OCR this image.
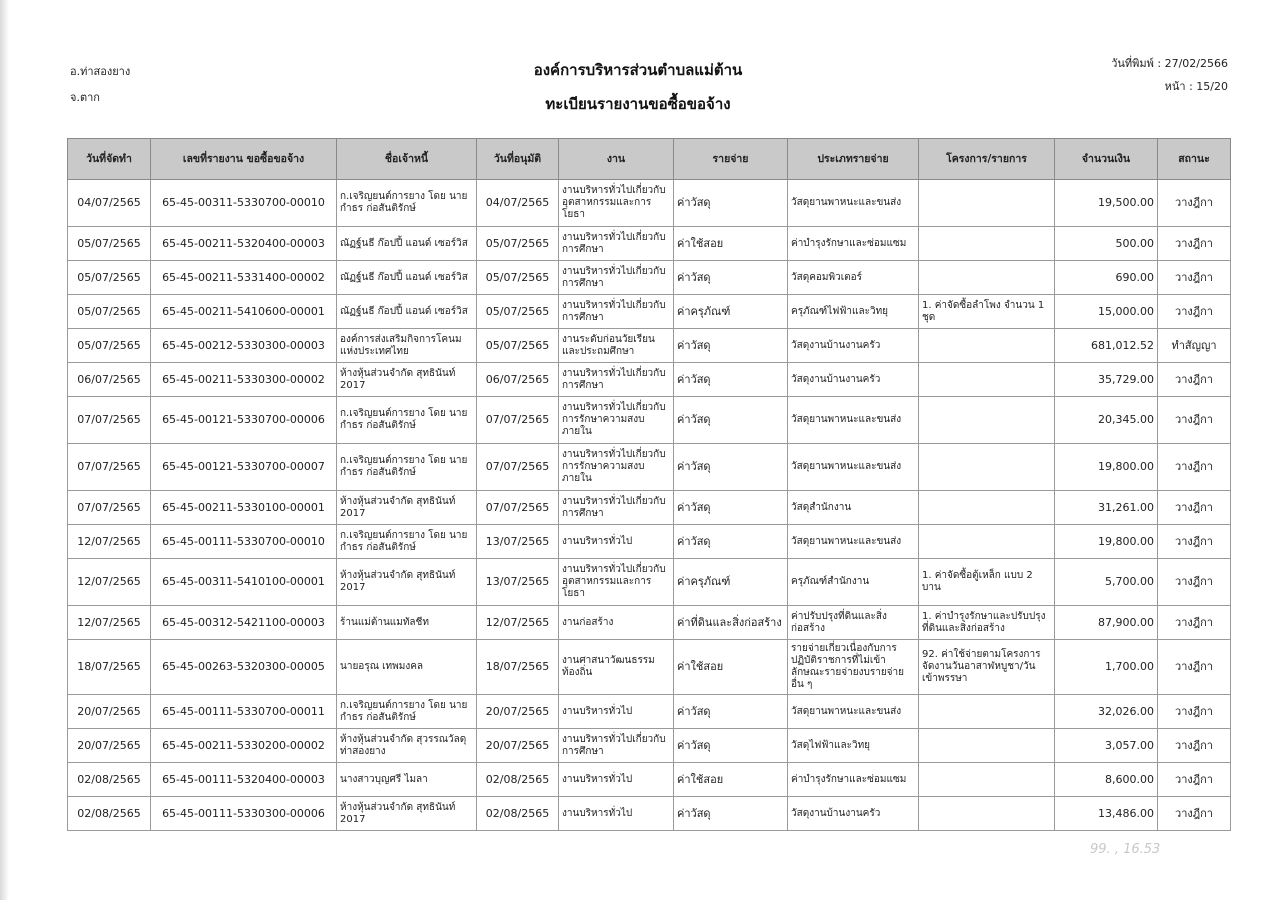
อ.ท่าสองยาง
จ.ตาก
องค์การบริหารส่วนตำบลแม่ต้าน
ทะเบียนรายงานขอซื้อขอจ้าง
วันที่พิมพ์ : 27/02/2566
หน้า : 15/20
วันที่จัดทำ	เลขที่รายงาน ขอซื้อขอจ้าง	ชื่อเจ้าหนี้	วันที่อนุมัติ	งาน	รายจ่าย	ประเภทรายจ่าย	โครงการ/รายการ	จำนวนเงิน	สถานะ
04/07/2565	65-45-00311-5330700-00010	ก.เจริญยนต์การยาง โดย นายกำธร ก่อสันติรักษ์	04/07/2565	งานบริหารทั่วไปเกี่ยวกับอุตสาหกรรมและการโยธา	ค่าวัสดุ	วัสดุยานพาหนะและขนส่ง		19,500.00	วางฎีกา
05/07/2565	65-45-00211-5320400-00003	ณัฏฐ์นธี ก๊อปปี้ แอนด์ เซอร์วิส	05/07/2565	งานบริหารทั่วไปเกี่ยวกับการศึกษา	ค่าใช้สอย	ค่าบำรุงรักษาและซ่อมแซม		500.00	วางฎีกา
05/07/2565	65-45-00211-5331400-00002	ณัฏฐ์นธี ก๊อปปี้ แอนด์ เซอร์วิส	05/07/2565	งานบริหารทั่วไปเกี่ยวกับการศึกษา	ค่าวัสดุ	วัสดุคอมพิวเตอร์		690.00	วางฎีกา
05/07/2565	65-45-00211-5410600-00001	ณัฏฐ์นธี ก๊อปปี้ แอนด์ เซอร์วิส	05/07/2565	งานบริหารทั่วไปเกี่ยวกับการศึกษา	ค่าครุภัณฑ์	ครุภัณฑ์ไฟฟ้าและวิทยุ	1. ค่าจัดซื้อลำโพง จำนวน 1 ชุด	15,000.00	วางฎีกา
05/07/2565	65-45-00212-5330300-00003	องค์การส่งเสริมกิจการโคนมแห่งประเทศไทย	05/07/2565	งานระดับก่อนวัยเรียนและประถมศึกษา	ค่าวัสดุ	วัสดุงานบ้านงานครัว		681,012.52	ทำสัญญา
06/07/2565	65-45-00211-5330300-00002	ห้างหุ้นส่วนจำกัด สุทธินันท์ 2017	06/07/2565	งานบริหารทั่วไปเกี่ยวกับการศึกษา	ค่าวัสดุ	วัสดุงานบ้านงานครัว		35,729.00	วางฎีกา
07/07/2565	65-45-00121-5330700-00006	ก.เจริญยนต์การยาง โดย นายกำธร ก่อสันติรักษ์	07/07/2565	งานบริหารทั่วไปเกี่ยวกับการรักษาความสงบภายใน	ค่าวัสดุ	วัสดุยานพาหนะและขนส่ง		20,345.00	วางฎีกา
07/07/2565	65-45-00121-5330700-00007	ก.เจริญยนต์การยาง โดย นายกำธร ก่อสันติรักษ์	07/07/2565	งานบริหารทั่วไปเกี่ยวกับการรักษาความสงบภายใน	ค่าวัสดุ	วัสดุยานพาหนะและขนส่ง		19,800.00	วางฎีกา
07/07/2565	65-45-00211-5330100-00001	ห้างหุ้นส่วนจำกัด สุทธินันท์ 2017	07/07/2565	งานบริหารทั่วไปเกี่ยวกับการศึกษา	ค่าวัสดุ	วัสดุสำนักงาน		31,261.00	วางฎีกา
12/07/2565	65-45-00111-5330700-00010	ก.เจริญยนต์การยาง โดย นายกำธร ก่อสันติรักษ์	13/07/2565	งานบริหารทั่วไป	ค่าวัสดุ	วัสดุยานพาหนะและขนส่ง		19,800.00	วางฎีกา
12/07/2565	65-45-00311-5410100-00001	ห้างหุ้นส่วนจำกัด สุทธินันท์ 2017	13/07/2565	งานบริหารทั่วไปเกี่ยวกับอุตสาหกรรมและการโยธา	ค่าครุภัณฑ์	ครุภัณฑ์สำนักงาน	1. ค่าจัดซื้อตู้เหล็ก แบบ 2 บาน	5,700.00	วางฎีกา
12/07/2565	65-45-00312-5421100-00003	ร้านแม่ต้านแมทัลชีท	12/07/2565	งานก่อสร้าง	ค่าที่ดินและสิ่งก่อสร้าง	ค่าปรับปรุงที่ดินและสิ่งก่อสร้าง	1. ค่าบำรุงรักษาและปรับปรุงที่ดินและสิ่งก่อสร้าง	87,900.00	วางฎีกา
18/07/2565	65-45-00263-5320300-00005	นายอรุณ เทพมงคล	18/07/2565	งานศาสนาวัฒนธรรมท้องถิ่น	ค่าใช้สอย	รายจ่ายเกี่ยวเนื่องกับการปฏิบัติราชการที่ไม่เข้าลักษณะรายจ่ายงบรายจ่ายอื่น ๆ	92. ค่าใช้จ่ายตามโครงการจัดงานวันอาสาฬหบูชา/วันเข้าพรรษา	1,700.00	วางฎีกา
20/07/2565	65-45-00111-5330700-00011	ก.เจริญยนต์การยาง โดย นายกำธร ก่อสันติรักษ์	20/07/2565	งานบริหารทั่วไป	ค่าวัสดุ	วัสดุยานพาหนะและขนส่ง		32,026.00	วางฎีกา
20/07/2565	65-45-00211-5330200-00002	ห้างหุ้นส่วนจำกัด สุวรรณวัลดุ ท่าสองยาง	20/07/2565	งานบริหารทั่วไปเกี่ยวกับการศึกษา	ค่าวัสดุ	วัสดุไฟฟ้าและวิทยุ		3,057.00	วางฎีกา
02/08/2565	65-45-00111-5320400-00003	นางสาวบุญศรี ไมลา	02/08/2565	งานบริหารทั่วไป	ค่าใช้สอย	ค่าบำรุงรักษาและซ่อมแซม		8,600.00	วางฎีกา
02/08/2565	65-45-00111-5330300-00006	ห้างหุ้นส่วนจำกัด สุทธินันท์ 2017	02/08/2565	งานบริหารทั่วไป	ค่าวัสดุ	วัสดุงานบ้านงานครัว		13,486.00	วางฎีกา
99. , 16.53
